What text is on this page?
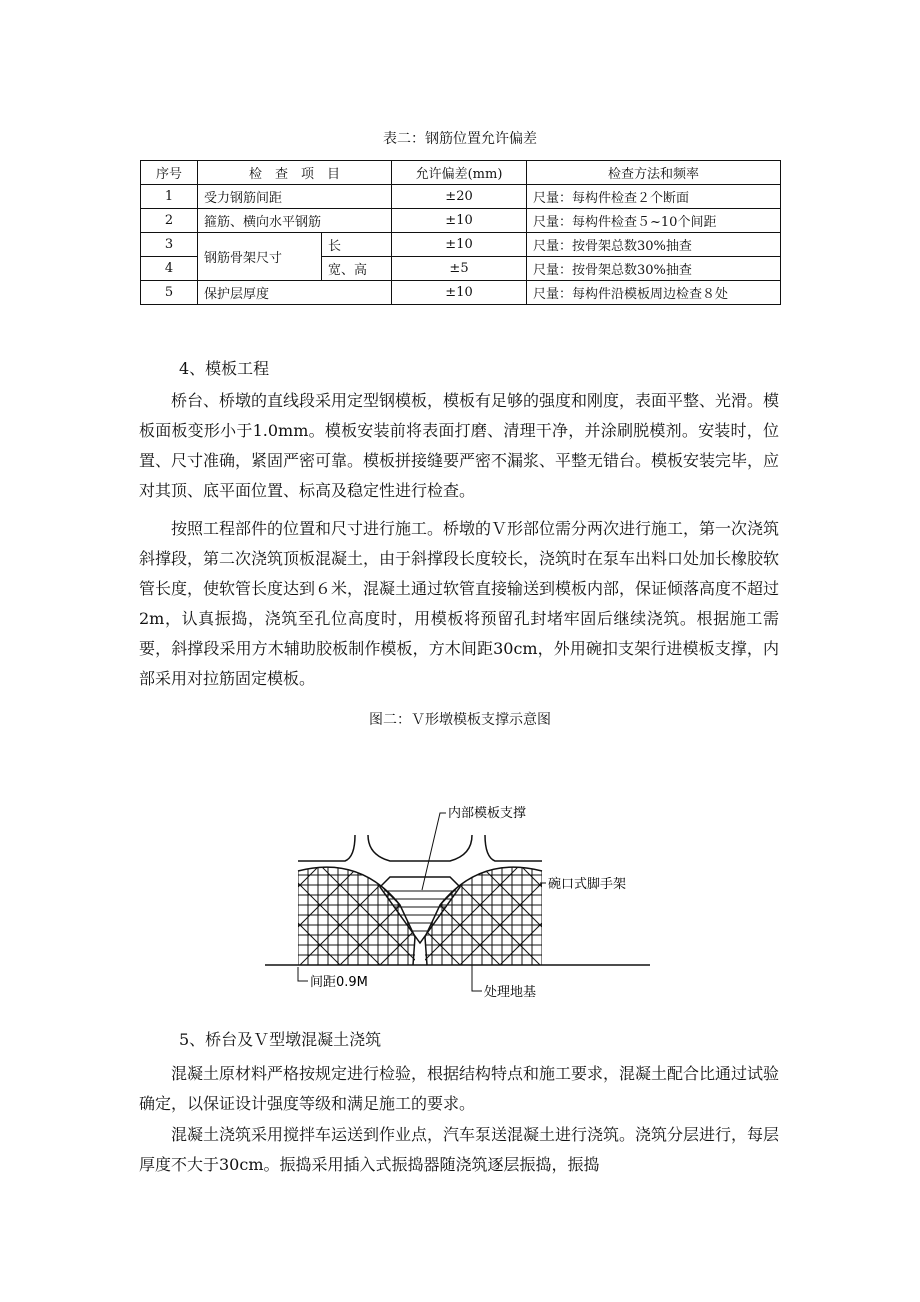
表二：钢筋位置允许偏差
序号	检　查　项　目		允许偏差(mm)	检查方法和频率
1	受力钢筋间距		±20	尺量：每构件检查２个断面
2	箍筋、横向水平钢筋		±10	尺量：每构件检查５~10个间距
3	钢筋骨架尺寸	长	±10	尺量：按骨架总数30%抽查
4		宽、高	±5	尺量：按骨架总数30%抽查
5	保护层厚度		±10	尺量：每构件沿模板周边检查８处
4、模板工程
桥台、桥墩的直线段采用定型钢模板，模板有足够的强度和刚度，表面平整、光滑。模板面板变形小于1.0mm。模板安装前将表面打磨、清理干净，并涂刷脱模剂。安装时，位置、尺寸准确，紧固严密可靠。模板拼接缝要严密不漏浆、平整无错台。模板安装完毕，应对其顶、底平面位置、标高及稳定性进行检查。
按照工程部件的位置和尺寸进行施工。桥墩的Ｖ形部位需分两次进行施工，第一次浇筑斜撑段，第二次浇筑顶板混凝土，由于斜撑段长度较长，浇筑时在泵车出料口处加长橡胶软管长度，使软管长度达到６米，混凝土通过软管直接输送到模板内部，保证倾落高度不超过2m，认真振捣，浇筑至孔位高度时，用模板将预留孔封堵牢固后继续浇筑。根据施工需要，斜撑段采用方木辅助胶板制作模板，方木间距30cm，外用碗扣支架行进模板支撑，内部采用对拉筋固定模板。
图二：Ｖ形墩模板支撑示意图
内部模板支撑
碗口式脚手架
间距0.9M
处理地基
5、桥台及Ｖ型墩混凝土浇筑
混凝土原材料严格按规定进行检验，根据结构特点和施工要求，混凝土配合比通过试验确定，以保证设计强度等级和满足施工的要求。
混凝土浇筑采用搅拌车运送到作业点，汽车泵送混凝土进行浇筑。浇筑分层进行，每层厚度不大于30cm。振捣采用插入式振捣器随浇筑逐层振捣，振捣
